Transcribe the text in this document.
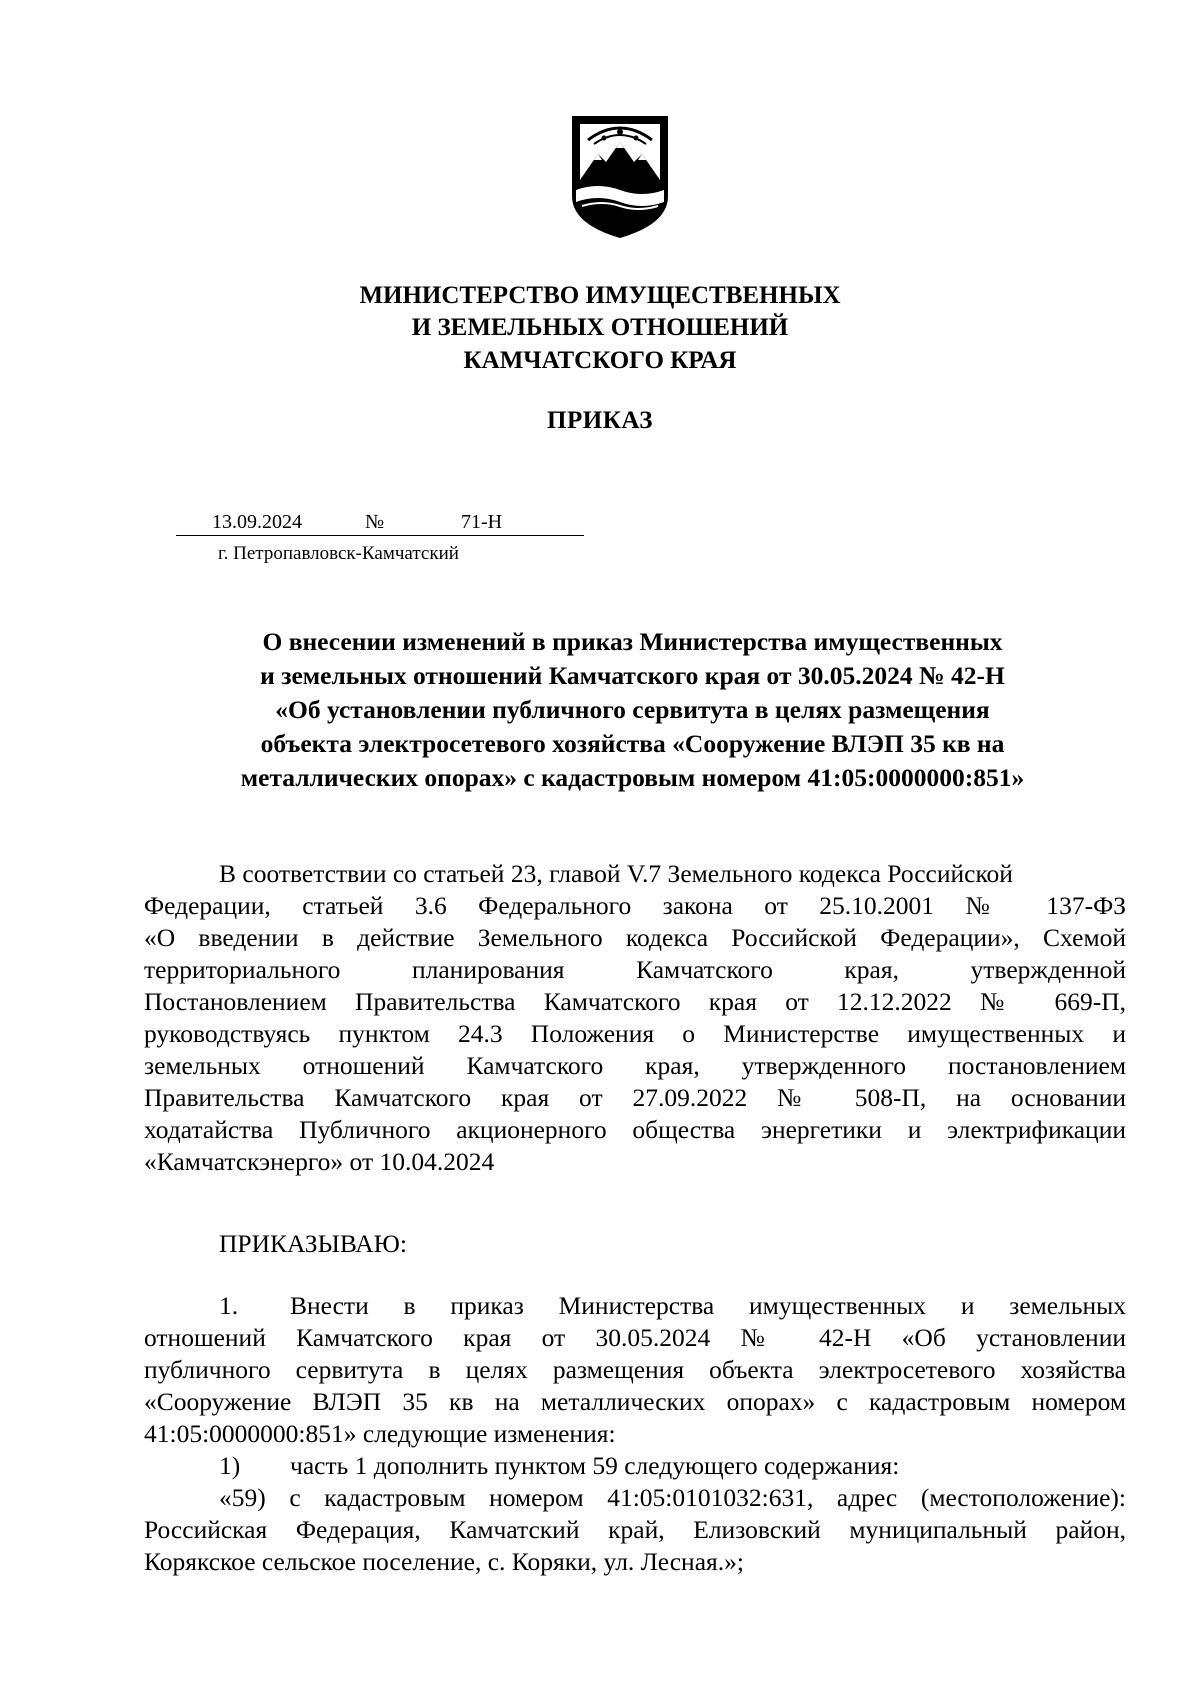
МИНИСТЕРСТВО ИМУЩЕСТВЕННЫХ
И ЗЕМЕЛЬНЫХ ОТНОШЕНИЙ
КАМЧАТСКОГО КРАЯ
ПРИКАЗ
13.09.2024	№	71-Н
г. Петропавловск-Камчатский
О внесении изменений в приказ Министерства имущественных
и земельных отношений Камчатского края от 30.05.2024 № 42-Н
«Об установлении публичного сервитута в целях размещения
объекта электросетевого хозяйства «Сооружение ВЛЭП 35 кв на
металлических опорах» с кадастровым номером 41:05:0000000:851»
В соответствии со статьей 23, главой V.7 Земельного кодекса Российской
Федерации, статьей 3.6 Федерального закона от 25.10.2001 № 137-ФЗ
«О введении в действие Земельного кодекса Российской Федерации», Схемой
территориального планирования Камчатского края, утвержденной
Постановлением Правительства Камчатского края от 12.12.2022 № 669-П,
руководствуясь пунктом 24.3 Положения о Министерстве имущественных и
земельных отношений Камчатского края, утвержденного постановлением
Правительства Камчатского края от 27.09.2022 № 508-П, на основании
ходатайства Публичного акционерного общества энергетики и электрификации
«Камчатскэнерго» от 10.04.2024
ПРИКАЗЫВАЮ:
1. Внести в приказ Министерства имущественных и земельных
отношений Камчатского края от 30.05.2024 № 42-Н «Об установлении
публичного сервитута в целях размещения объекта электросетевого хозяйства
«Сооружение ВЛЭП 35 кв на металлических опорах» с кадастровым номером
41:05:0000000:851» следующие изменения:
1) часть 1 дополнить пунктом 59 следующего содержания:
«59) с кадастровым номером 41:05:0101032:631, адрес (местоположение):
Российская Федерация, Камчатский край, Елизовский муниципальный район,
Корякское сельское поселение, с. Коряки, ул. Лесная.»;
